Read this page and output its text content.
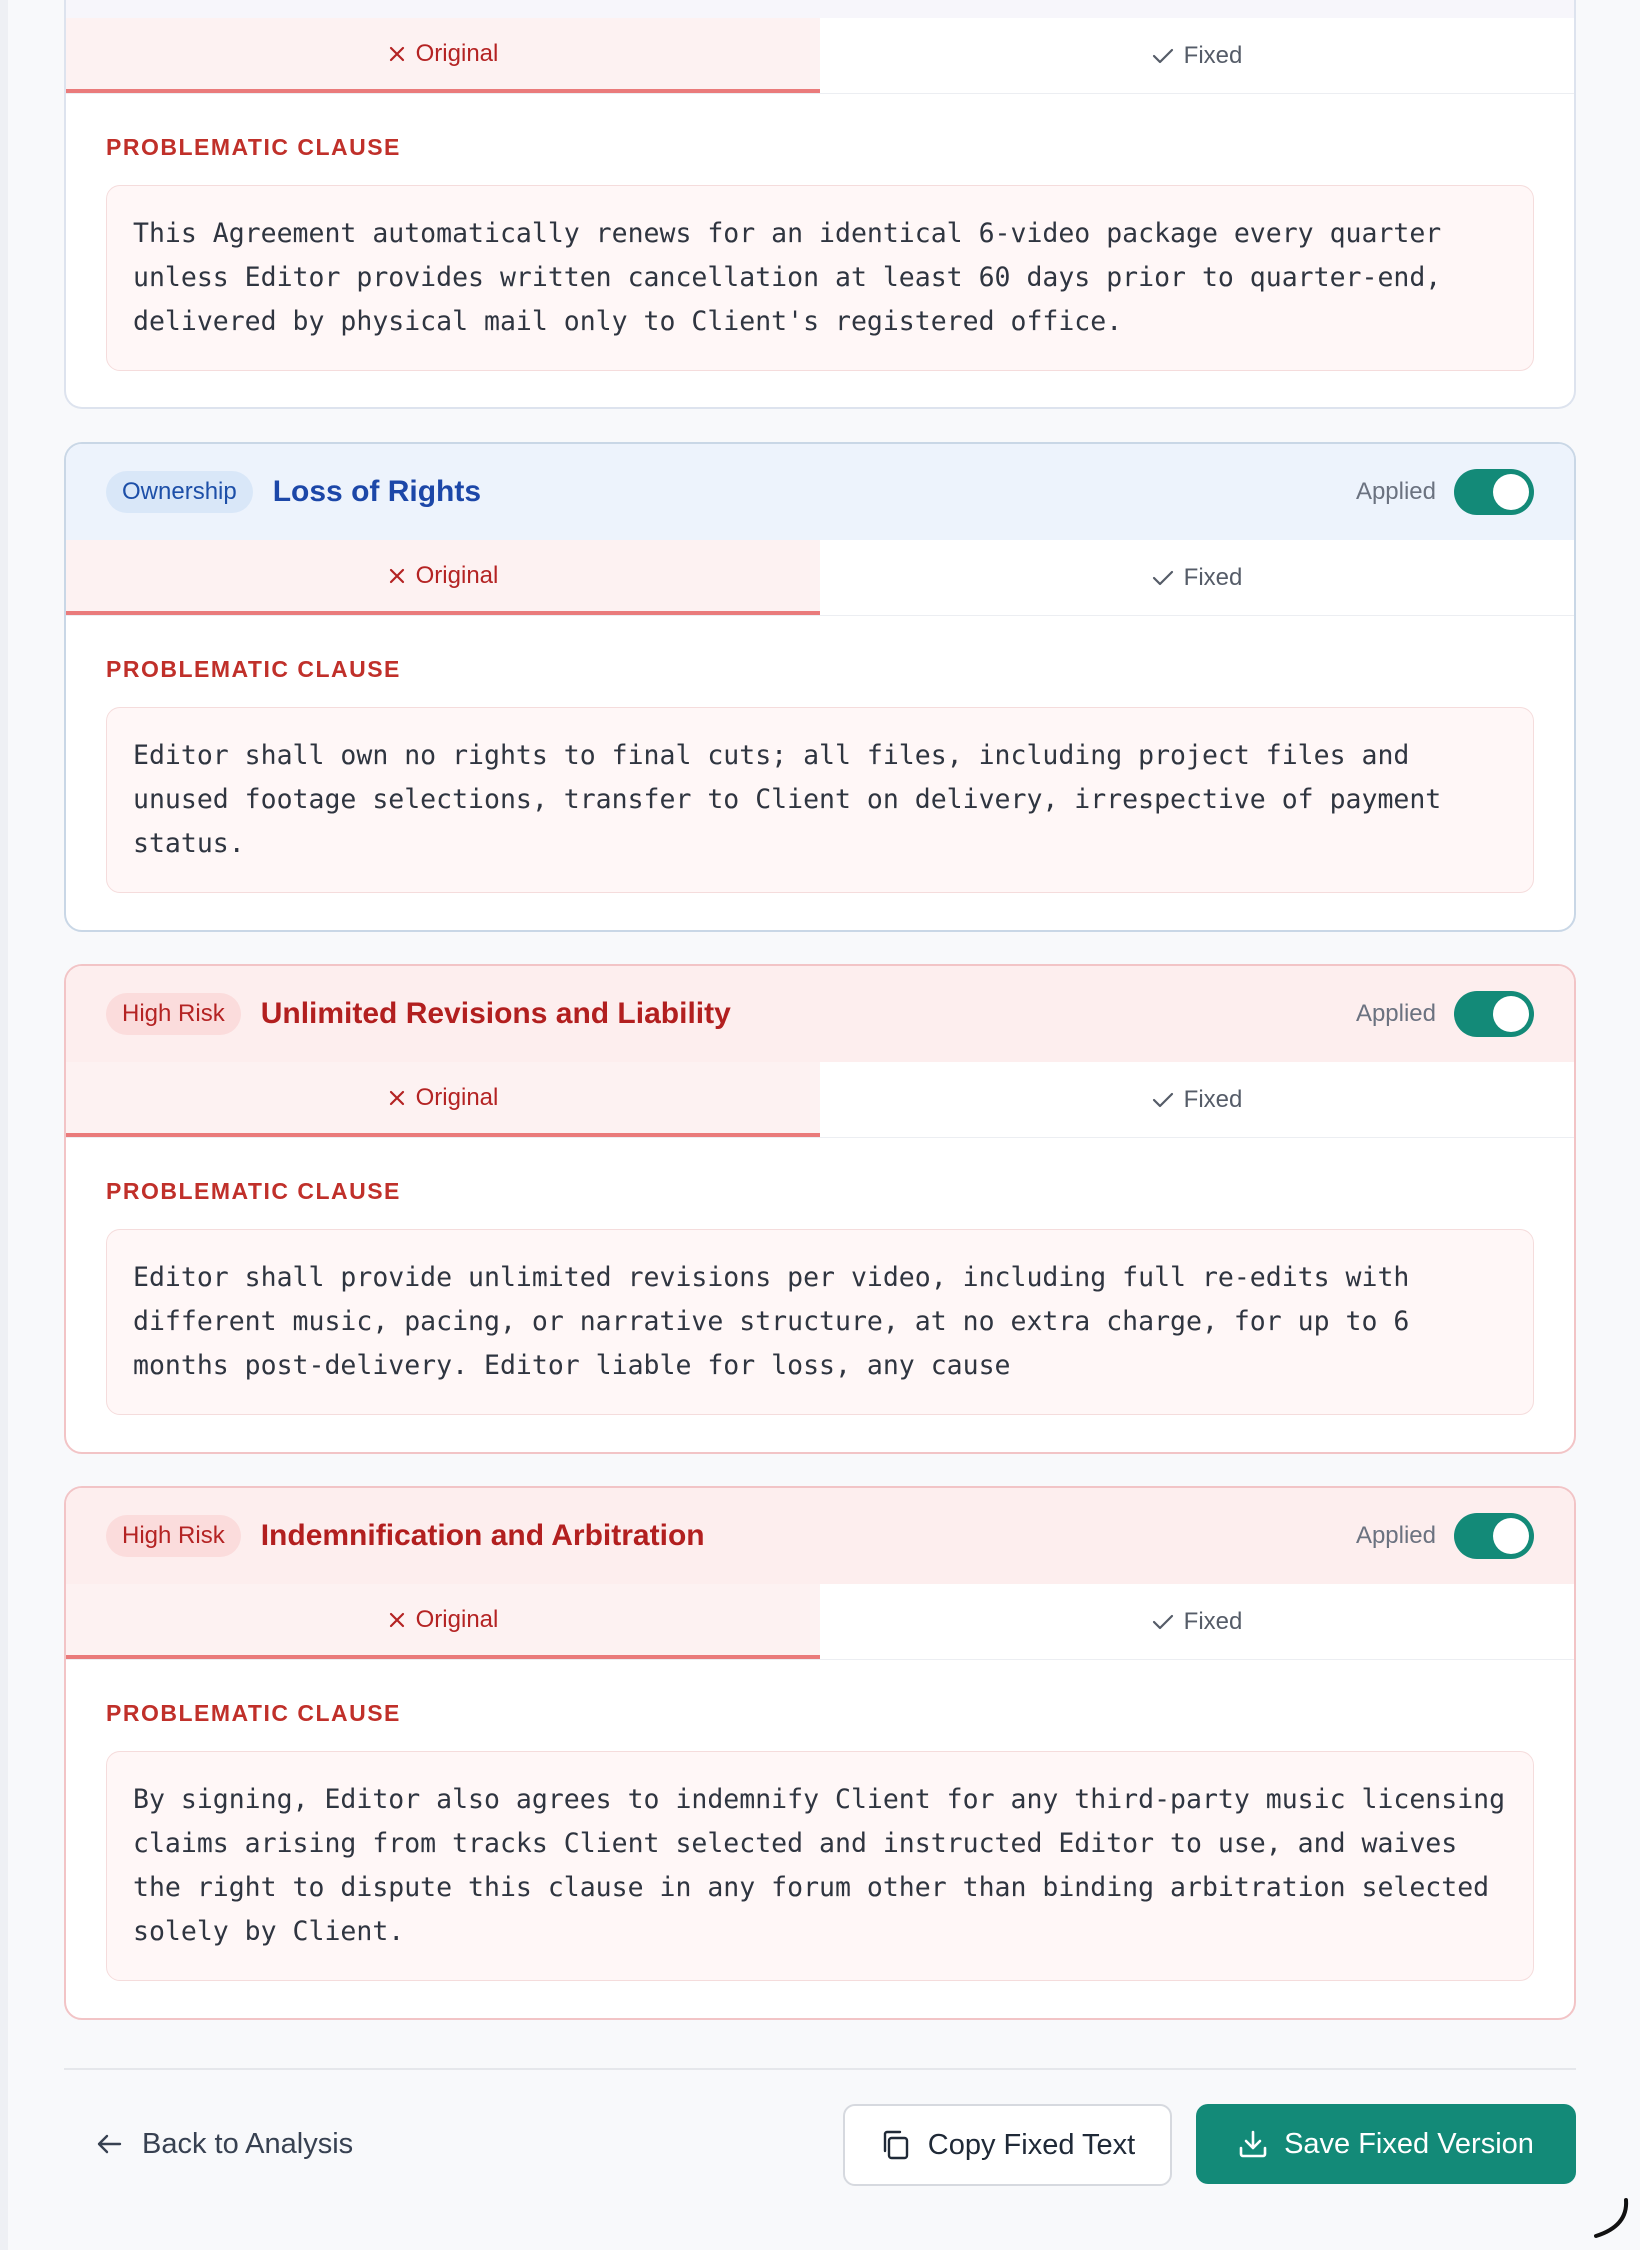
Original	Fixed
PROBLEMATIC CLAUSE
This Agreement automatically renews for an identical 6-video package every quarter unless Editor provides written cancellation at least 60 days prior to quarter-end, delivered by physical mail only to Client's registered office.
Ownership	Loss of Rights	Applied
Original	Fixed
PROBLEMATIC CLAUSE
Editor shall own no rights to final cuts; all files, including project files and unused footage selections, transfer to Client on delivery, irrespective of payment status.
High Risk	Unlimited Revisions and Liability	Applied
Original	Fixed
PROBLEMATIC CLAUSE
Editor shall provide unlimited revisions per video, including full re-edits with different music, pacing, or narrative structure, at no extra charge, for up to 6 months post-delivery. Editor liable for loss, any cause
High Risk	Indemnification and Arbitration	Applied
Original	Fixed
PROBLEMATIC CLAUSE
By signing, Editor also agrees to indemnify Client for any third-party music licensing claims arising from tracks Client selected and instructed Editor to use, and waives the right to dispute this clause in any forum other than binding arbitration selected solely by Client.
Back to Analysis	Copy Fixed Text	Save Fixed Version
